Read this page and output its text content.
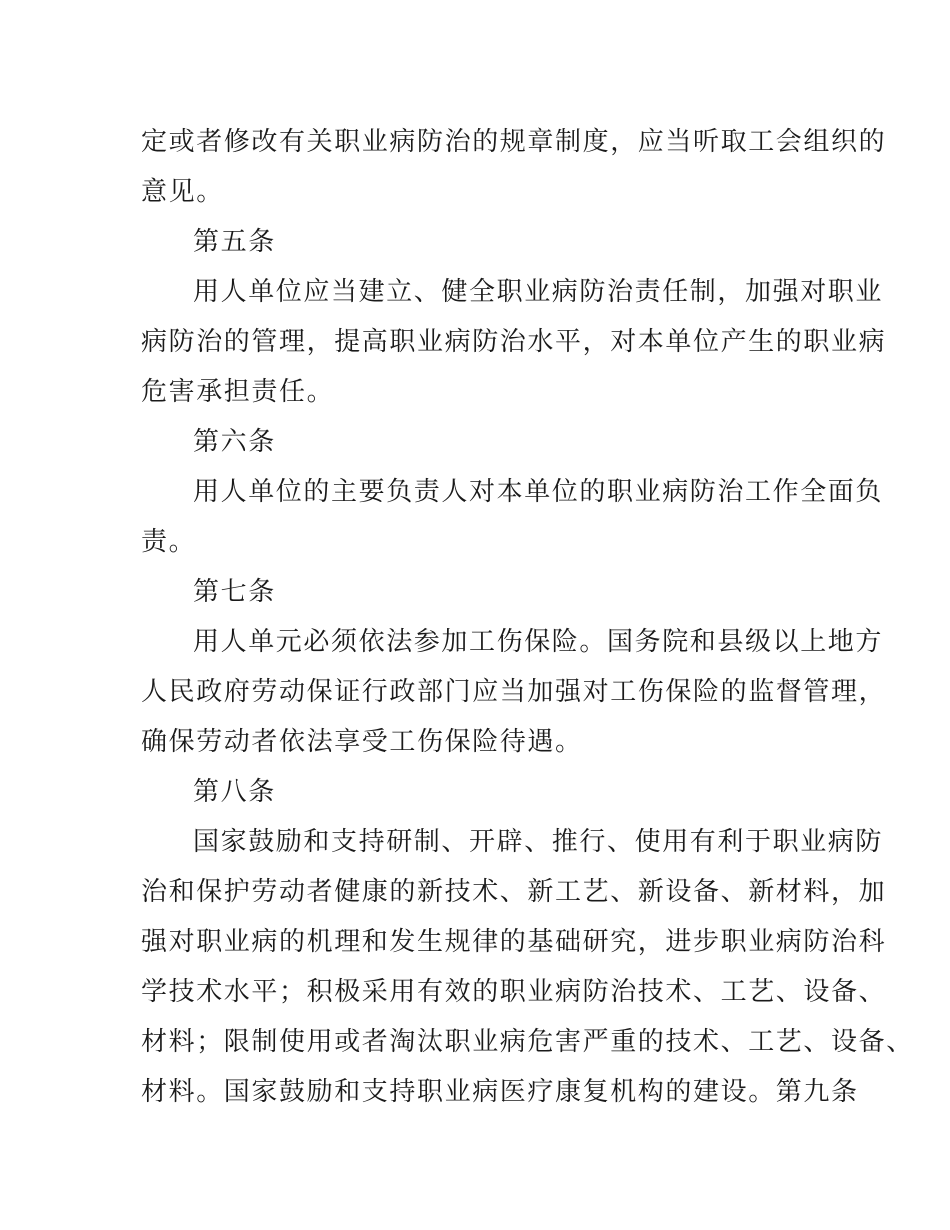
定或者修改有关职业病防治的规章制度，应当听取工会组织的
意见。
第五条
用人单位应当建立、健全职业病防治责任制，加强对职业
病防治的管理，提高职业病防治水平，对本单位产生的职业病
危害承担责任。
第六条
用人单位的主要负责人对本单位的职业病防治工作全面负
责。
第七条
用人单元必须依法参加工伤保险。国务院和县级以上地方
人民政府劳动保证行政部门应当加强对工伤保险的监督管理，
确保劳动者依法享受工伤保险待遇。
第八条
国家鼓励和支持研制、开辟、推行、使用有利于职业病防
治和保护劳动者健康的新技术、新工艺、新设备、新材料，加
强对职业病的机理和发生规律的基础研究，进步职业病防治科
学技术水平；积极采用有效的职业病防治技术、工艺、设备、
材料；限制使用或者淘汰职业病危害严重的技术、工艺、设备、
材料。国家鼓励和支持职业病医疗康复机构的建设。第九条
